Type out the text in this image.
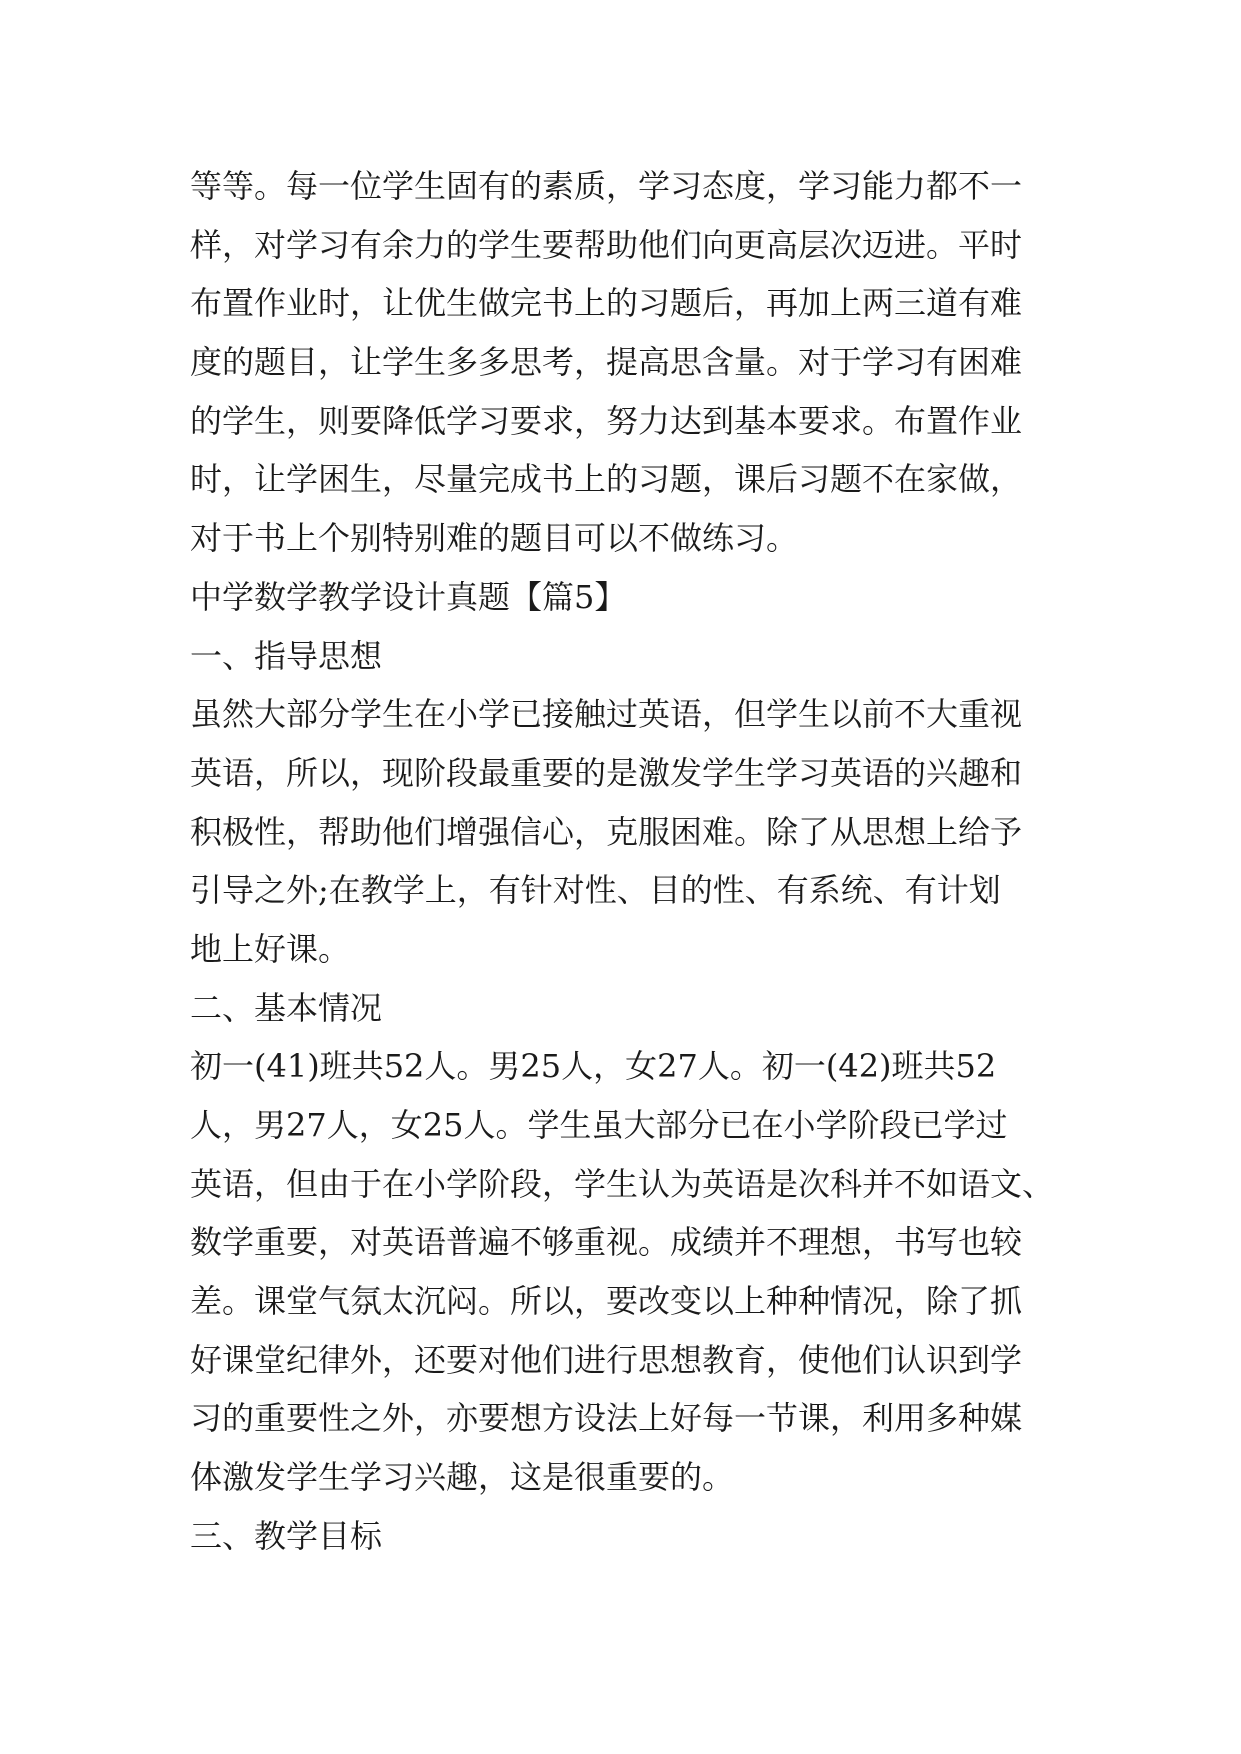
等等。每一位学生固有的素质，学习态度，学习能力都不一
样，对学习有余力的学生要帮助他们向更高层次迈进。平时
布置作业时，让优生做完书上的习题后，再加上两三道有难
度的题目，让学生多多思考，提高思含量。对于学习有困难
的学生，则要降低学习要求，努力达到基本要求。布置作业
时，让学困生，尽量完成书上的习题，课后习题不在家做，
对于书上个别特别难的题目可以不做练习。
中学数学教学设计真题【篇5】
一、指导思想
虽然大部分学生在小学已接触过英语，但学生以前不大重视
英语，所以，现阶段最重要的是激发学生学习英语的兴趣和
积极性，帮助他们增强信心，克服困难。除了从思想上给予
引导之外;在教学上，有针对性、目的性、有系统、有计划
地上好课。
二、基本情况
初一(41)班共52人。男25人，女27人。初一(42)班共52
人，男27人，女25人。学生虽大部分已在小学阶段已学过
英语，但由于在小学阶段，学生认为英语是次科并不如语文、
数学重要，对英语普遍不够重视。成绩并不理想，书写也较
差。课堂气氛太沉闷。所以，要改变以上种种情况，除了抓
好课堂纪律外，还要对他们进行思想教育，使他们认识到学
习的重要性之外，亦要想方设法上好每一节课，利用多种媒
体激发学生学习兴趣，这是很重要的。
三、教学目标
